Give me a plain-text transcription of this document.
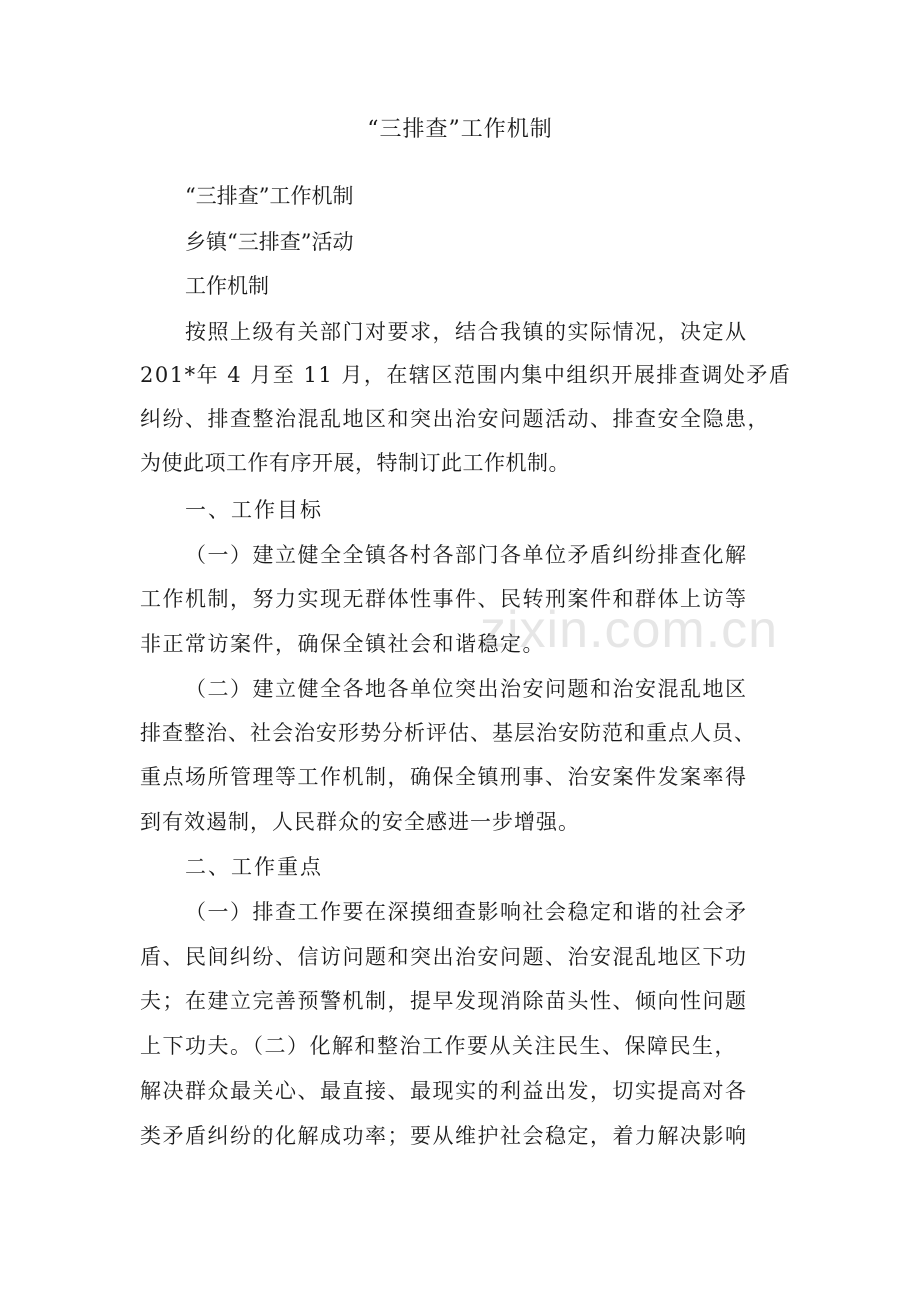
zixin.com.cn
“三排查”工作机制
“三排查”工作机制
乡镇“三排查”活动
工作机制
按照上级有关部门对要求，结合我镇的实际情况，决定从
201*年 4 月至 11 月，在辖区范围内集中组织开展排查调处矛盾
纠纷、排查整治混乱地区和突出治安问题活动、排查安全隐患，
为使此项工作有序开展，特制订此工作机制。
一、工作目标
（一）建立健全全镇各村各部门各单位矛盾纠纷排查化解
工作机制，努力实现无群体性事件、民转刑案件和群体上访等
非正常访案件，确保全镇社会和谐稳定。
（二）建立健全各地各单位突出治安问题和治安混乱地区
排查整治、社会治安形势分析评估、基层治安防范和重点人员、
重点场所管理等工作机制，确保全镇刑事、治安案件发案率得
到有效遏制，人民群众的安全感进一步增强。
二、工作重点
（一）排查工作要在深摸细查影响社会稳定和谐的社会矛
盾、民间纠纷、信访问题和突出治安问题、治安混乱地区下功
夫；在建立完善预警机制，提早发现消除苗头性、倾向性问题
上下功夫。（二）化解和整治工作要从关注民生、保障民生，
解决群众最关心、最直接、最现实的利益出发，切实提高对各
类矛盾纠纷的化解成功率；要从维护社会稳定，着力解决影响
